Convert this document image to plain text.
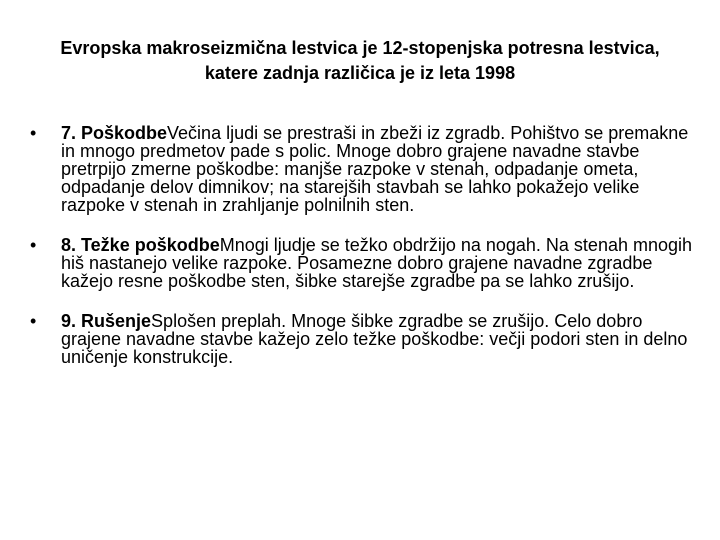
Evropska makroseizmična lestvica je 12-stopenjska potresna lestvica, katere zadnja različica je iz leta 1998
•	7. PoškodbeVečina ljudi se prestraši in zbeži iz zgradb. Pohištvo se premakne in mnogo predmetov pade s polic. Mnoge dobro grajene navadne stavbe pretrpijo zmerne poškodbe: manjše razpoke v stenah, odpadanje ometa, odpadanje delov dimnikov; na starejših stavbah se lahko pokažejo velike razpoke v stenah in zrahljanje polnilnih sten.
•	8. Težke poškodbeMnogi ljudje se težko obdržijo na nogah. Na stenah mnogih hiš nastanejo velike razpoke. Posamezne dobro grajene navadne zgradbe kažejo resne poškodbe sten, šibke starejše zgradbe pa se lahko zrušijo.
•	9. RušenjeSplošen preplah. Mnoge šibke zgradbe se zrušijo. Celo dobro grajene navadne stavbe kažejo zelo težke poškodbe: večji podori sten in delno uničenje konstrukcije.
